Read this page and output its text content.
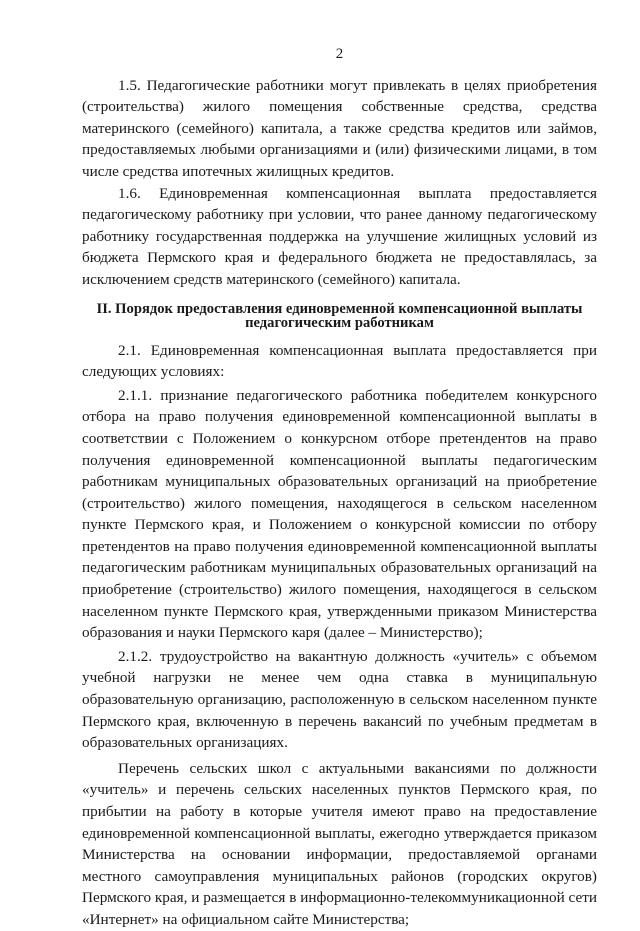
2

1.5. Педагогические работники могут привлекать в целях приобретения (строительства) жилого помещения собственные средства, средства материнского (семейного) капитала, а также средства кредитов или займов, предоставляемых любыми организациями и (или) физическими лицами, в том числе средства ипотечных жилищных кредитов.

1.6. Единовременная компенсационная выплата предоставляется педагогическому работнику при условии, что ранее данному педагогическому работнику государственная поддержка на улучшение жилищных условий из бюджета Пермского края и федерального бюджета не предоставлялась, за исключением средств материнского (семейного) капитала.

II. Порядок предоставления единовременной компенсационной выплаты
педагогическим работникам

2.1. Единовременная компенсационная выплата предоставляется при следующих условиях:

2.1.1. признание педагогического работника победителем конкурсного отбора на право получения единовременной компенсационной выплаты в соответствии с Положением о конкурсном отборе претендентов на право получения единовременной компенсационной выплаты педагогическим работникам муниципальных образовательных организаций на приобретение (строительство) жилого помещения, находящегося в сельском населенном пункте Пермского края, и Положением о конкурсной комиссии по отбору претендентов на право получения единовременной компенсационной выплаты педагогическим работникам муниципальных образовательных организаций на приобретение (строительство) жилого помещения, находящегося в сельском населенном пункте Пермского края, утвержденными приказом Министерства образования и науки Пермского каря (далее – Министерство);

2.1.2. трудоустройство на вакантную должность «учитель» с объемом учебной нагрузки не менее чем одна ставка в муниципальную образовательную организацию, расположенную в сельском населенном пункте Пермского края, включенную в перечень вакансий по учебным предметам в образовательных организациях.

Перечень сельских школ с актуальными вакансиями по должности «учитель» и перечень сельских населенных пунктов Пермского края, по прибытии на работу в которые учителя имеют право на предоставление единовременной компенсационной выплаты, ежегодно утверждается приказом Министерства на основании информации, предоставляемой органами местного самоуправления муниципальных районов (городских округов) Пермского края, и размещается в информационно-телекоммуникационной сети «Интернет» на официальном сайте Министерства;
